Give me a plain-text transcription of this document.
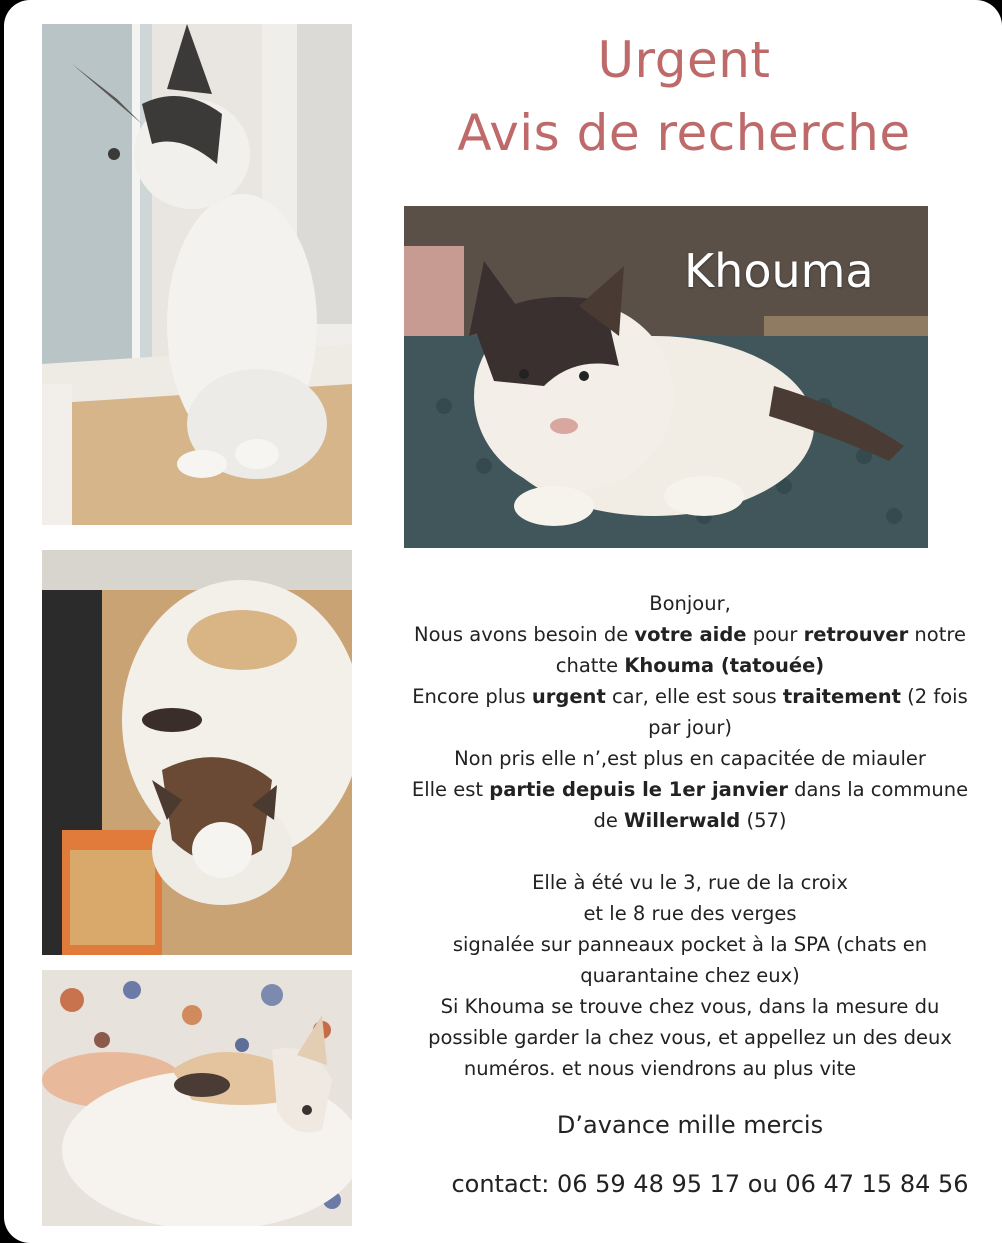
Urgent
Avis de recherche
Khouma
Bonjour,
Nous avons besoin de votre aide pour retrouver notre
chatte Khouma (tatouée)
Encore plus urgent car, elle est sous traitement (2 fois
par jour)
Non pris elle n’,est plus en capacitée de miauler
Elle est partie depuis le 1er janvier dans la commune
de Willerwald (57)
Elle à été vu le 3, rue de la croix
et le 8 rue des verges
signalée sur panneaux pocket à la SPA (chats en
quarantaine chez eux)
Si Khouma se trouve chez vous, dans la mesure du
possible garder la chez vous, et appellez un des deux
numéros. et nous viendrons au plus vite
D’avance mille mercis
contact: 06 59 48 95 17 ou 06 47 15 84 56
